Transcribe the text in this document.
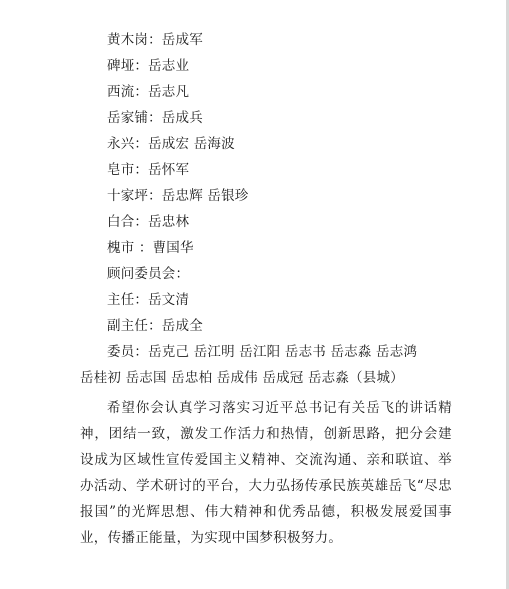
黄木岗：岳成军
碑垭：岳志业
西流：岳志凡
岳家铺：岳成兵
永兴：岳成宏 岳海波
皂市：岳怀军
十家坪：岳忠辉 岳银珍
白合：岳忠林
槐市 ：曹国华
顾问委员会：
主任：岳文清
副主任：岳成全
委员：岳克己 岳江明 岳江阳 岳志书 岳志淼 岳志鸿
岳桂初 岳志国 岳忠柏 岳成伟 岳成冠 岳志淼（县城）
希望你会认真学习落实习近平总书记有关岳飞的讲话精神，团结一致，激发工作活力和热情，创新思路，把分会建设成为区域性宣传爱国主义精神、交流沟通、亲和联谊、举办活动、学术研讨的平台，大力弘扬传承民族英雄岳飞“尽忠报国”的光辉思想、伟大精神和优秀品德，积极发展爱国事业，传播正能量，为实现中国梦积极努力。
